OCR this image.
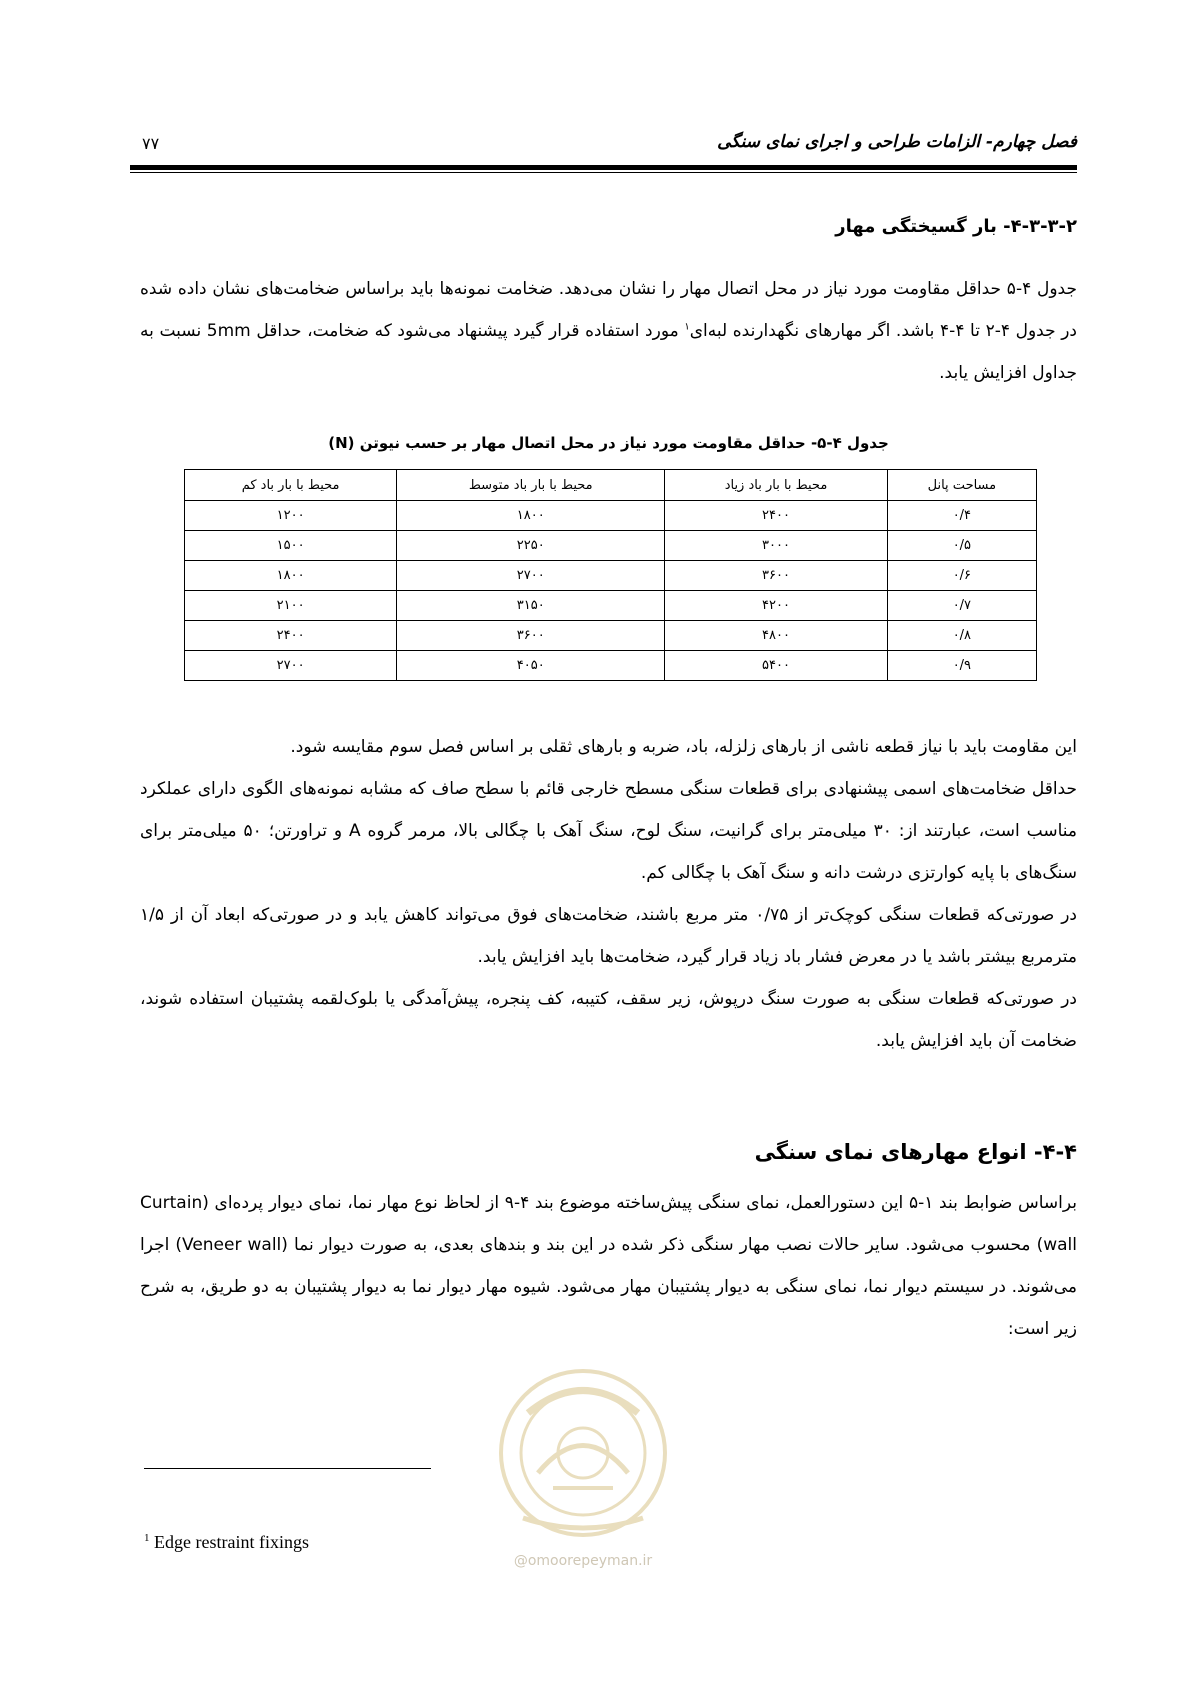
فصل چهارم- الزامات طراحی و اجرای نمای سنگی
۷۷
۴-۳-۳-۲- بار گسیختگی مهار

جدول ۴-۵ حداقل مقاومت مورد نیاز در محل اتصال مهار را نشان می‌دهد. ضخامت نمونه‌ها باید براساس ضخامت‌های نشان داده شده در جدول ۴-۲ تا ۴-۴ باشد. اگر مهارهای نگهدارنده لبه‌ای$^۱$ مورد استفاده قرار گیرد پیشنهاد می‌شود که ضخامت، حداقل 5mm نسبت به جداول افزایش یابد.

جدول ۴-۵- حداقل مقاومت مورد نیاز در محل اتصال مهار بر حسب نیوتن (N)
مساحت پانل	محیط با بار باد زیاد	محیط با بار باد متوسط	محیط با بار باد کم
۰/۴	۲۴۰۰	۱۸۰۰	۱۲۰۰
۰/۵	۳۰۰۰	۲۲۵۰	۱۵۰۰
۰/۶	۳۶۰۰	۲۷۰۰	۱۸۰۰
۰/۷	۴۲۰۰	۳۱۵۰	۲۱۰۰
۰/۸	۴۸۰۰	۳۶۰۰	۲۴۰۰
۰/۹	۵۴۰۰	۴۰۵۰	۲۷۰۰

این مقاومت باید با نیاز قطعه ناشی از بارهای زلزله، باد، ضربه و بارهای ثقلی بر اساس فصل سوم مقایسه شود.

حداقل ضخامت‌های اسمی پیشنهادی برای قطعات سنگی مسطح خارجی قائم با سطح صاف که مشابه نمونه‌های الگوی دارای عملکرد مناسب است، عبارتند از: ۳۰ میلی‌متر برای گرانیت، سنگ لوح، سنگ آهک با چگالی بالا، مرمر گروه A و تراورتن؛ ۵۰ میلی‌متر برای سنگ‌های با پایه کوارتزی درشت دانه و سنگ آهک با چگالی کم.

در صورتی‌که قطعات سنگی کوچک‌تر از ۰/۷۵ متر مربع باشند، ضخامت‌های فوق می‌تواند کاهش یابد و در صورتی‌که ابعاد آن از ۱/۵ مترمربع بیشتر باشد یا در معرض فشار باد زیاد قرار گیرد، ضخامت‌ها باید افزایش یابد.

در صورتی‌که قطعات سنگی به صورت سنگ درپوش، زیر سقف، کتیبه، کف پنجره، پیش‌آمدگی یا بلوک‌لقمه پشتیبان استفاده شوند، ضخامت آن باید افزایش یابد.

۴-۴- انواع مهارهای نمای سنگی

براساس ضوابط بند ۱-۵ این دستورالعمل، نمای سنگی پیش‌ساخته موضوع بند ۴-۹ از لحاظ نوع مهار نما، نمای دیوار پرده‌ای (Curtain wall) محسوب می‌شود. سایر حالات نصب مهار سنگی ذکر شده در این بند و بندهای بعدی، به صورت دیوار نما (Veneer wall) اجرا می‌شوند. در سیستم دیوار نما، نمای سنگی به دیوار پشتیبان مهار می‌شود. شیوه مهار دیوار نما به دیوار پشتیبان به دو طریق، به شرح زیر است:

@omoorepeyman.ir
$^1$ Edge restraint fixings
